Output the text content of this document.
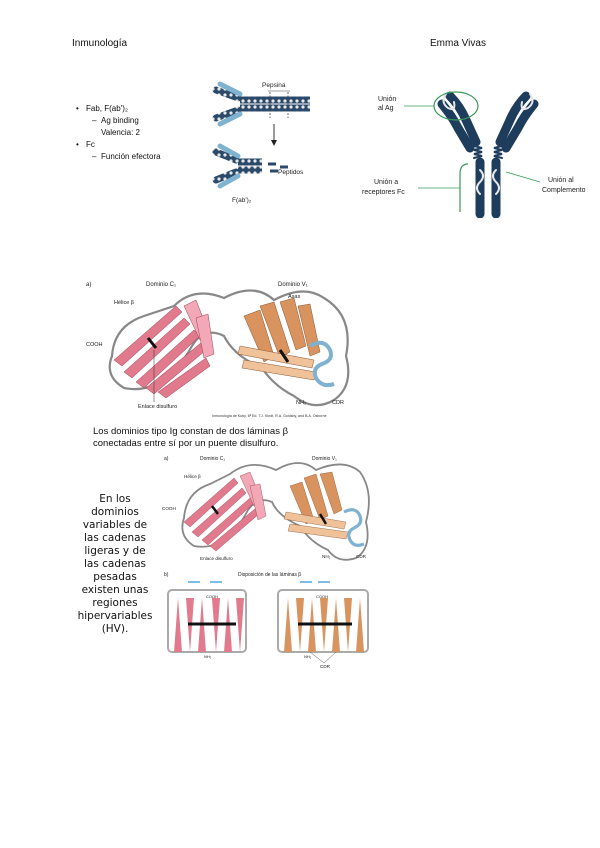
Inmunología	Emma Vivas
• Fab, F(ab')₂
– Ag binding
Valencia: 2
• Fc
– Función efectora
Pepsina
Peptidos
F(ab')₂
Unión
al Ag
Unión a
receptores Fc
Unión al
Complemento
a)	Dominio C₁	Dominio V₁
Hélice β
COOH
Enlace disulfuro
Asas
NH₂	CDR
Inmunología de Kuby, 6ª Ed. T.J. Kindt, R.A. Goldsby, and B.A. Osborne
Los dominios tipo Ig constan de dos láminas β
conectadas entre sí por un puente disulfuro.
a)	Dominio C₁	Dominio V₁
Hélice β
COOH
Enlace disulfuro	NH₂	CDR
b)	Disposición de las láminas β
COOH	COOH
NH₂	NH₂
CDR
En los
dominios
variables de
las cadenas
ligeras y de
las cadenas
pesadas
existen unas
regiones
hipervariables
(HV).
